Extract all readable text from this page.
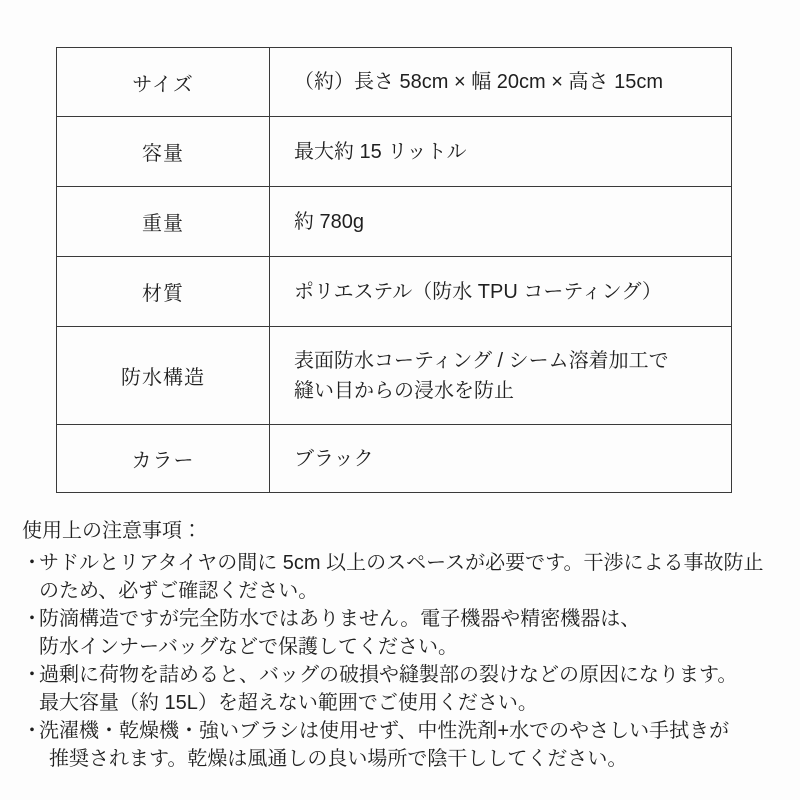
サイズ	（約）長さ 58cm × 幅 20cm × 高さ 15cm

容量	最大約 15 リットル

重量	約 780g

材質	ポリエステル（防水 TPU コーティング）

防水構造	表面防水コーティング / シーム溶着加工で
縫い目からの浸水を防止

カラー	ブラック
使用上の注意事項：
・
サドルとリアタイヤの間に 5cm 以上のスペースが必要です。干渉による事故防止
のため、必ずご確認ください。
・
防滴構造ですが完全防水ではありません。電子機器や精密機器は、
防水インナーバッグなどで保護してください。
・
過剰に荷物を詰めると、バッグの破損や縫製部の裂けなどの原因になります。
最大容量（約 15L）を超えない範囲でご使用ください。
・
洗濯機・乾燥機・強いブラシは使用せず、中性洗剤+水でのやさしい手拭きが
推奨されます。乾燥は風通しの良い場所で陰干ししてください。
